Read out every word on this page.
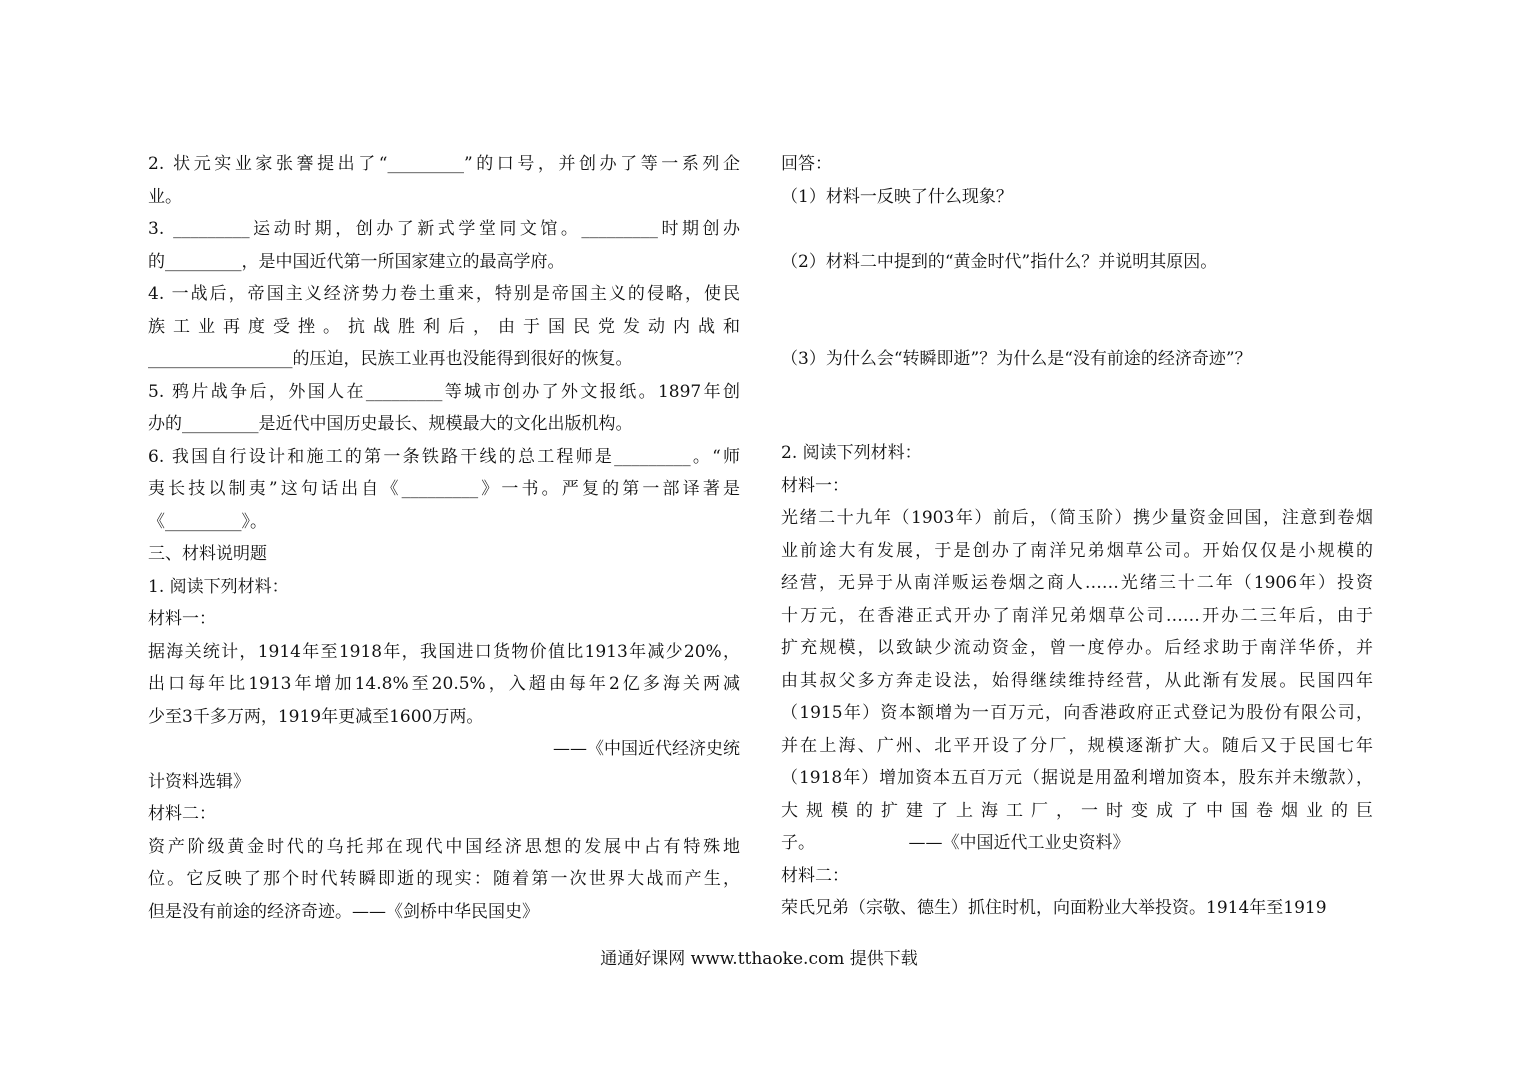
2. 状元实业家张謇提出了“_________”的口号，并创办了等一系列企
业。
3. _________运动时期，创办了新式学堂同文馆。_________时期创办
的_________，是中国近代第一所国家建立的最高学府。
4. 一战后，帝国主义经济势力卷土重来，特别是帝国主义的侵略，使民
族工业再度受挫。抗战胜利后，由于国民党发动内战和
_________________的压迫，民族工业再也没能得到很好的恢复。
5. 鸦片战争后，外国人在_________等城市创办了外文报纸。1897年创
办的_________是近代中国历史最长、规模最大的文化出版机构。
6. 我国自行设计和施工的第一条铁路干线的总工程师是_________。“师
夷长技以制夷”这句话出自《_________》一书。严复的第一部译著是
《_________》。
三、材料说明题
1. 阅读下列材料：
材料一：
据海关统计，1914年至1918年，我国进口货物价值比1913年减少20%，
出口每年比1913年增加14.8%至20.5%，入超由每年2亿多海关两减
少至3千多万两，1919年更减至1600万两。
——《中国近代经济史统
计资料选辑》
材料二：
资产阶级黄金时代的乌托邦在现代中国经济思想的发展中占有特殊地
位。它反映了那个时代转瞬即逝的现实：随着第一次世界大战而产生，
但是没有前途的经济奇迹。——《剑桥中华民国史》
回答：
（1）材料一反映了什么现象？
（2）材料二中提到的“黄金时代”指什么？并说明其原因。
（3）为什么会“转瞬即逝”？为什么是“没有前途的经济奇迹”？
2. 阅读下列材料：
材料一：
光绪二十九年（1903年）前后，（简玉阶）携少量资金回国，注意到卷烟
业前途大有发展，于是创办了南洋兄弟烟草公司。开始仅仅是小规模的
经营，无异于从南洋贩运卷烟之商人……光绪三十二年（1906年）投资
十万元，在香港正式开办了南洋兄弟烟草公司……开办二三年后，由于
扩充规模，以致缺少流动资金，曾一度停办。后经求助于南洋华侨，并
由其叔父多方奔走设法，始得继续维持经营，从此渐有发展。民国四年
（1915年）资本额增为一百万元，向香港政府正式登记为股份有限公司，
并在上海、广州、北平开设了分厂，规模逐渐扩大。随后又于民国七年
（1918年）增加资本五百万元（据说是用盈利增加资本，股东并未缴款），
大规模的扩建了上海工厂，一时变成了中国卷烟业的巨
子。　　　　　　——《中国近代工业史资料》
材料二：
荣氏兄弟（宗敬、德生）抓住时机，向面粉业大举投资。1914年至1919
通通好课网 www.tthaoke.com 提供下载
